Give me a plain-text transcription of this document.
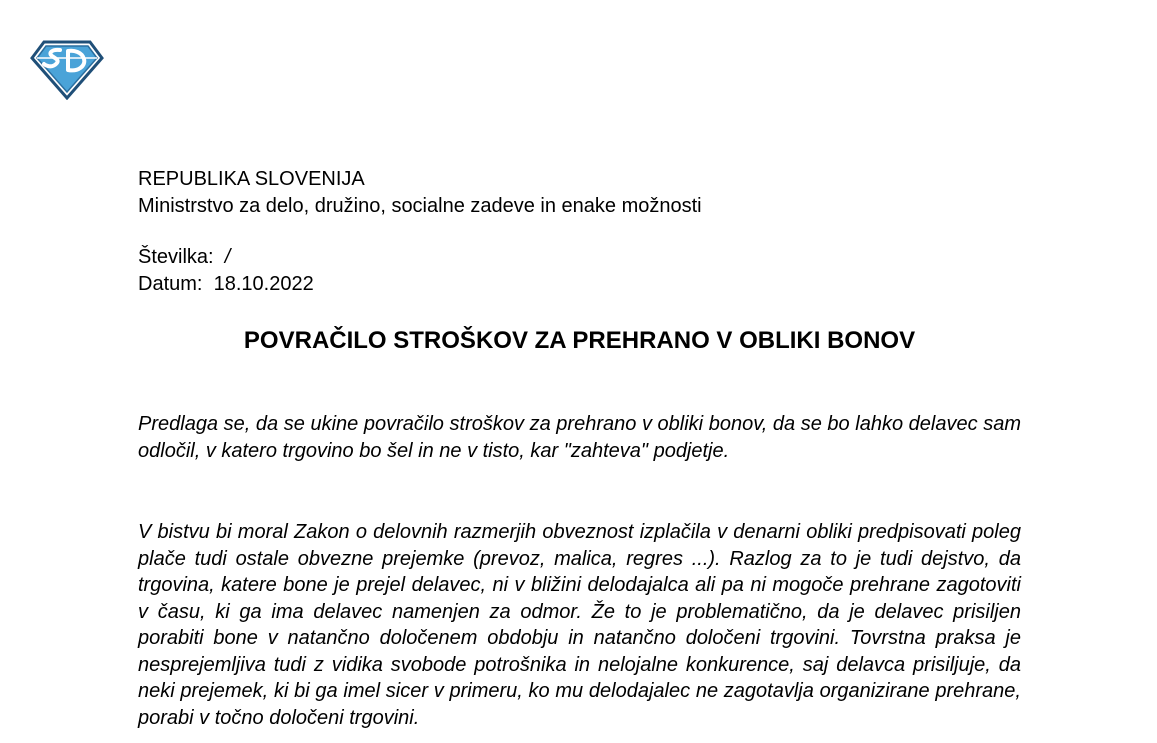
REPUBLIKA SLOVENIJA
Ministrstvo za delo, družino, socialne zadeve in enake možnosti
Številka:  /
Datum:  18.10.2022
POVRAČILO STROŠKOV ZA PREHRANO V OBLIKI BONOV

Predlaga se, da se ukine povračilo stroškov za prehrano v obliki bonov, da se bo lahko delavec sam odločil, v katero trgovino bo šel in ne v tisto, kar "zahteva" podjetje.

V bistvu bi moral Zakon o delovnih razmerjih obveznost izplačila v denarni obliki predpisovati poleg plače tudi ostale obvezne prejemke (prevoz, malica, regres ...). Razlog za to je tudi dejstvo, da trgovina, katere bone je prejel delavec, ni v bližini delodajalca ali pa ni mogoče prehrane zagotoviti v času, ki ga ima delavec namenjen za odmor. Že to je problematično, da je delavec prisiljen porabiti bone v natančno določenem obdobju in natančno določeni trgovini. Tovrstna praksa je nesprejemljiva tudi z vidika svobode potrošnika in nelojalne konkurence, saj delavca prisiljuje, da neki prejemek, ki bi ga imel sicer v primeru, ko mu delodajalec ne zagotavlja organizirane prehrane, porabi v točno določeni trgovini.
